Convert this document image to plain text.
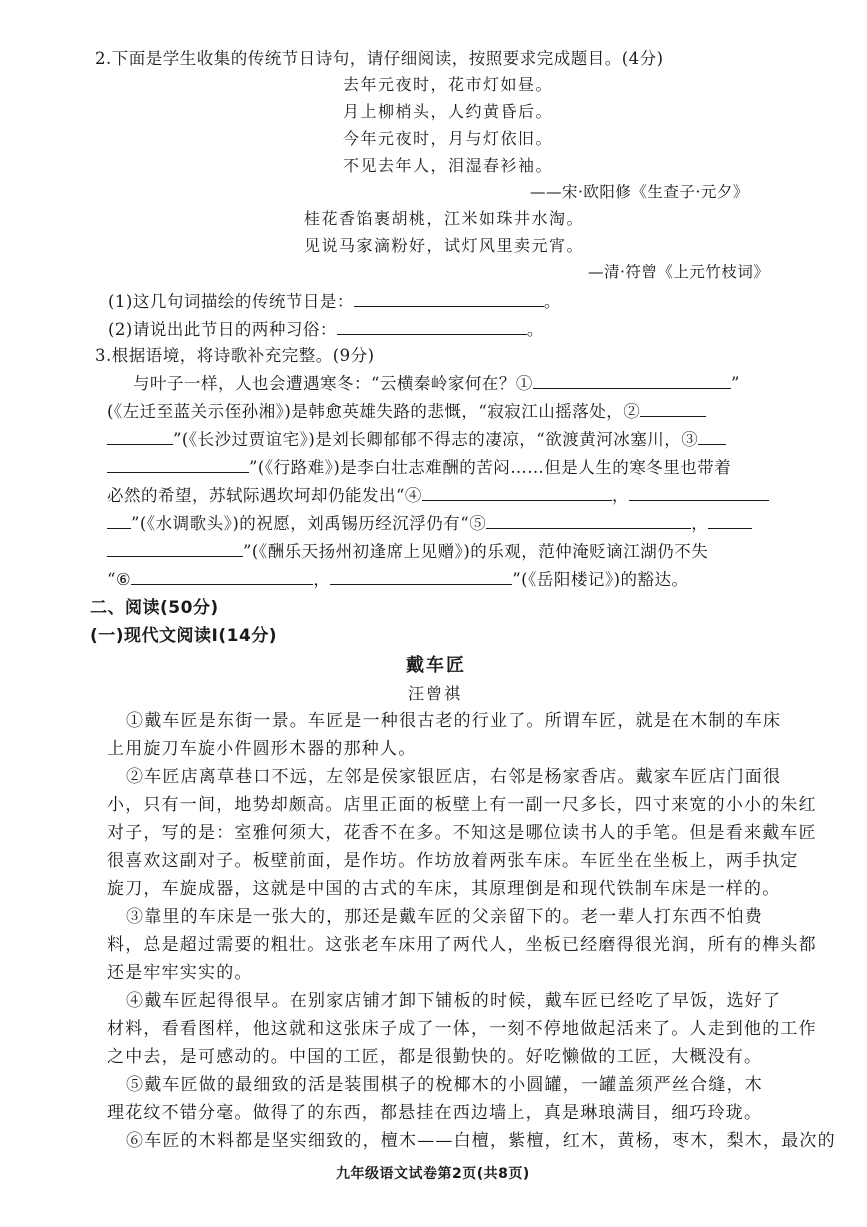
2.下面是学生收集的传统节日诗句，请仔细阅读，按照要求完成题目。(4分)
去年元夜时，花市灯如昼。
月上柳梢头，人约黄昏后。
今年元夜时，月与灯依旧。
不见去年人，泪湿春衫袖。
——宋·欧阳修《生查子·元夕》
桂花香馅裹胡桃，江米如珠井水淘。
见说马家滴粉好，试灯风里卖元宵。
—清·符曾《上元竹枝词》
(1)这几句词描绘的传统节日是：	。
(2)请说出此节日的两种习俗：	。
3.根据语境，将诗歌补充完整。(9分)
与叶子一样，人也会遭遇寒冬：“云横秦岭家何在？①	”
(《左迁至蓝关示侄孙湘》)是韩愈英雄失路的悲慨，“寂寂江山摇落处，②
”(《长沙过贾谊宅》)是刘长卿郁郁不得志的凄凉，“欲渡黄河冰塞川，③
”(《行路难》)是李白壮志难酬的苦闷……但是人生的寒冬里也带着
必然的希望，苏轼际遇坎坷却仍能发出“④	，
”(《水调歌头》)的祝愿，刘禹锡历经沉浮仍有“⑤	，
”(《酬乐天扬州初逢席上见赠》)的乐观，范仲淹贬谪江湖仍不失
“⑥	，	”(《岳阳楼记》)的豁达。
二、阅读(50分)
(一)现代文阅读Ⅰ(14分)
戴车匠
汪曾祺
①戴车匠是东街一景。车匠是一种很古老的行业了。所谓车匠，就是在木制的车床
上用旋刀车旋小件圆形木器的那种人。
②车匠店离草巷口不远，左邻是侯家银匠店，右邻是杨家香店。戴家车匠店门面很
小，只有一间，地势却颇高。店里正面的板壁上有一副一尺多长，四寸来宽的小小的朱红
对子，写的是：室雅何须大，花香不在多。不知这是哪位读书人的手笔。但是看来戴车匠
很喜欢这副对子。板壁前面，是作坊。作坊放着两张车床。车匠坐在坐板上，两手执定
旋刀，车旋成器，这就是中国的古式的车床，其原理倒是和现代铁制车床是一样的。
③靠里的车床是一张大的，那还是戴车匠的父亲留下的。老一辈人打东西不怕费
料，总是超过需要的粗壮。这张老车床用了两代人，坐板已经磨得很光润，所有的榫头都
还是牢牢实实的。
④戴车匠起得很早。在别家店铺才卸下铺板的时候，戴车匠已经吃了早饭，选好了
材料，看看图样，他这就和这张床子成了一体，一刻不停地做起活来了。人走到他的工作
之中去，是可感动的。中国的工匠，都是很勤快的。好吃懒做的工匠，大概没有。
⑤戴车匠做的最细致的活是装围棋子的梲椰木的小圆罐，一罐盖须严丝合缝，木
理花纹不错分毫。做得了的东西，都悬挂在西边墙上，真是琳琅满目，细巧玲珑。
⑥车匠的木料都是坚实细致的，檀木——白檀，紫檀，红木，黄杨，枣木，梨木，最次的
九年级语文试卷第2页(共8页)
